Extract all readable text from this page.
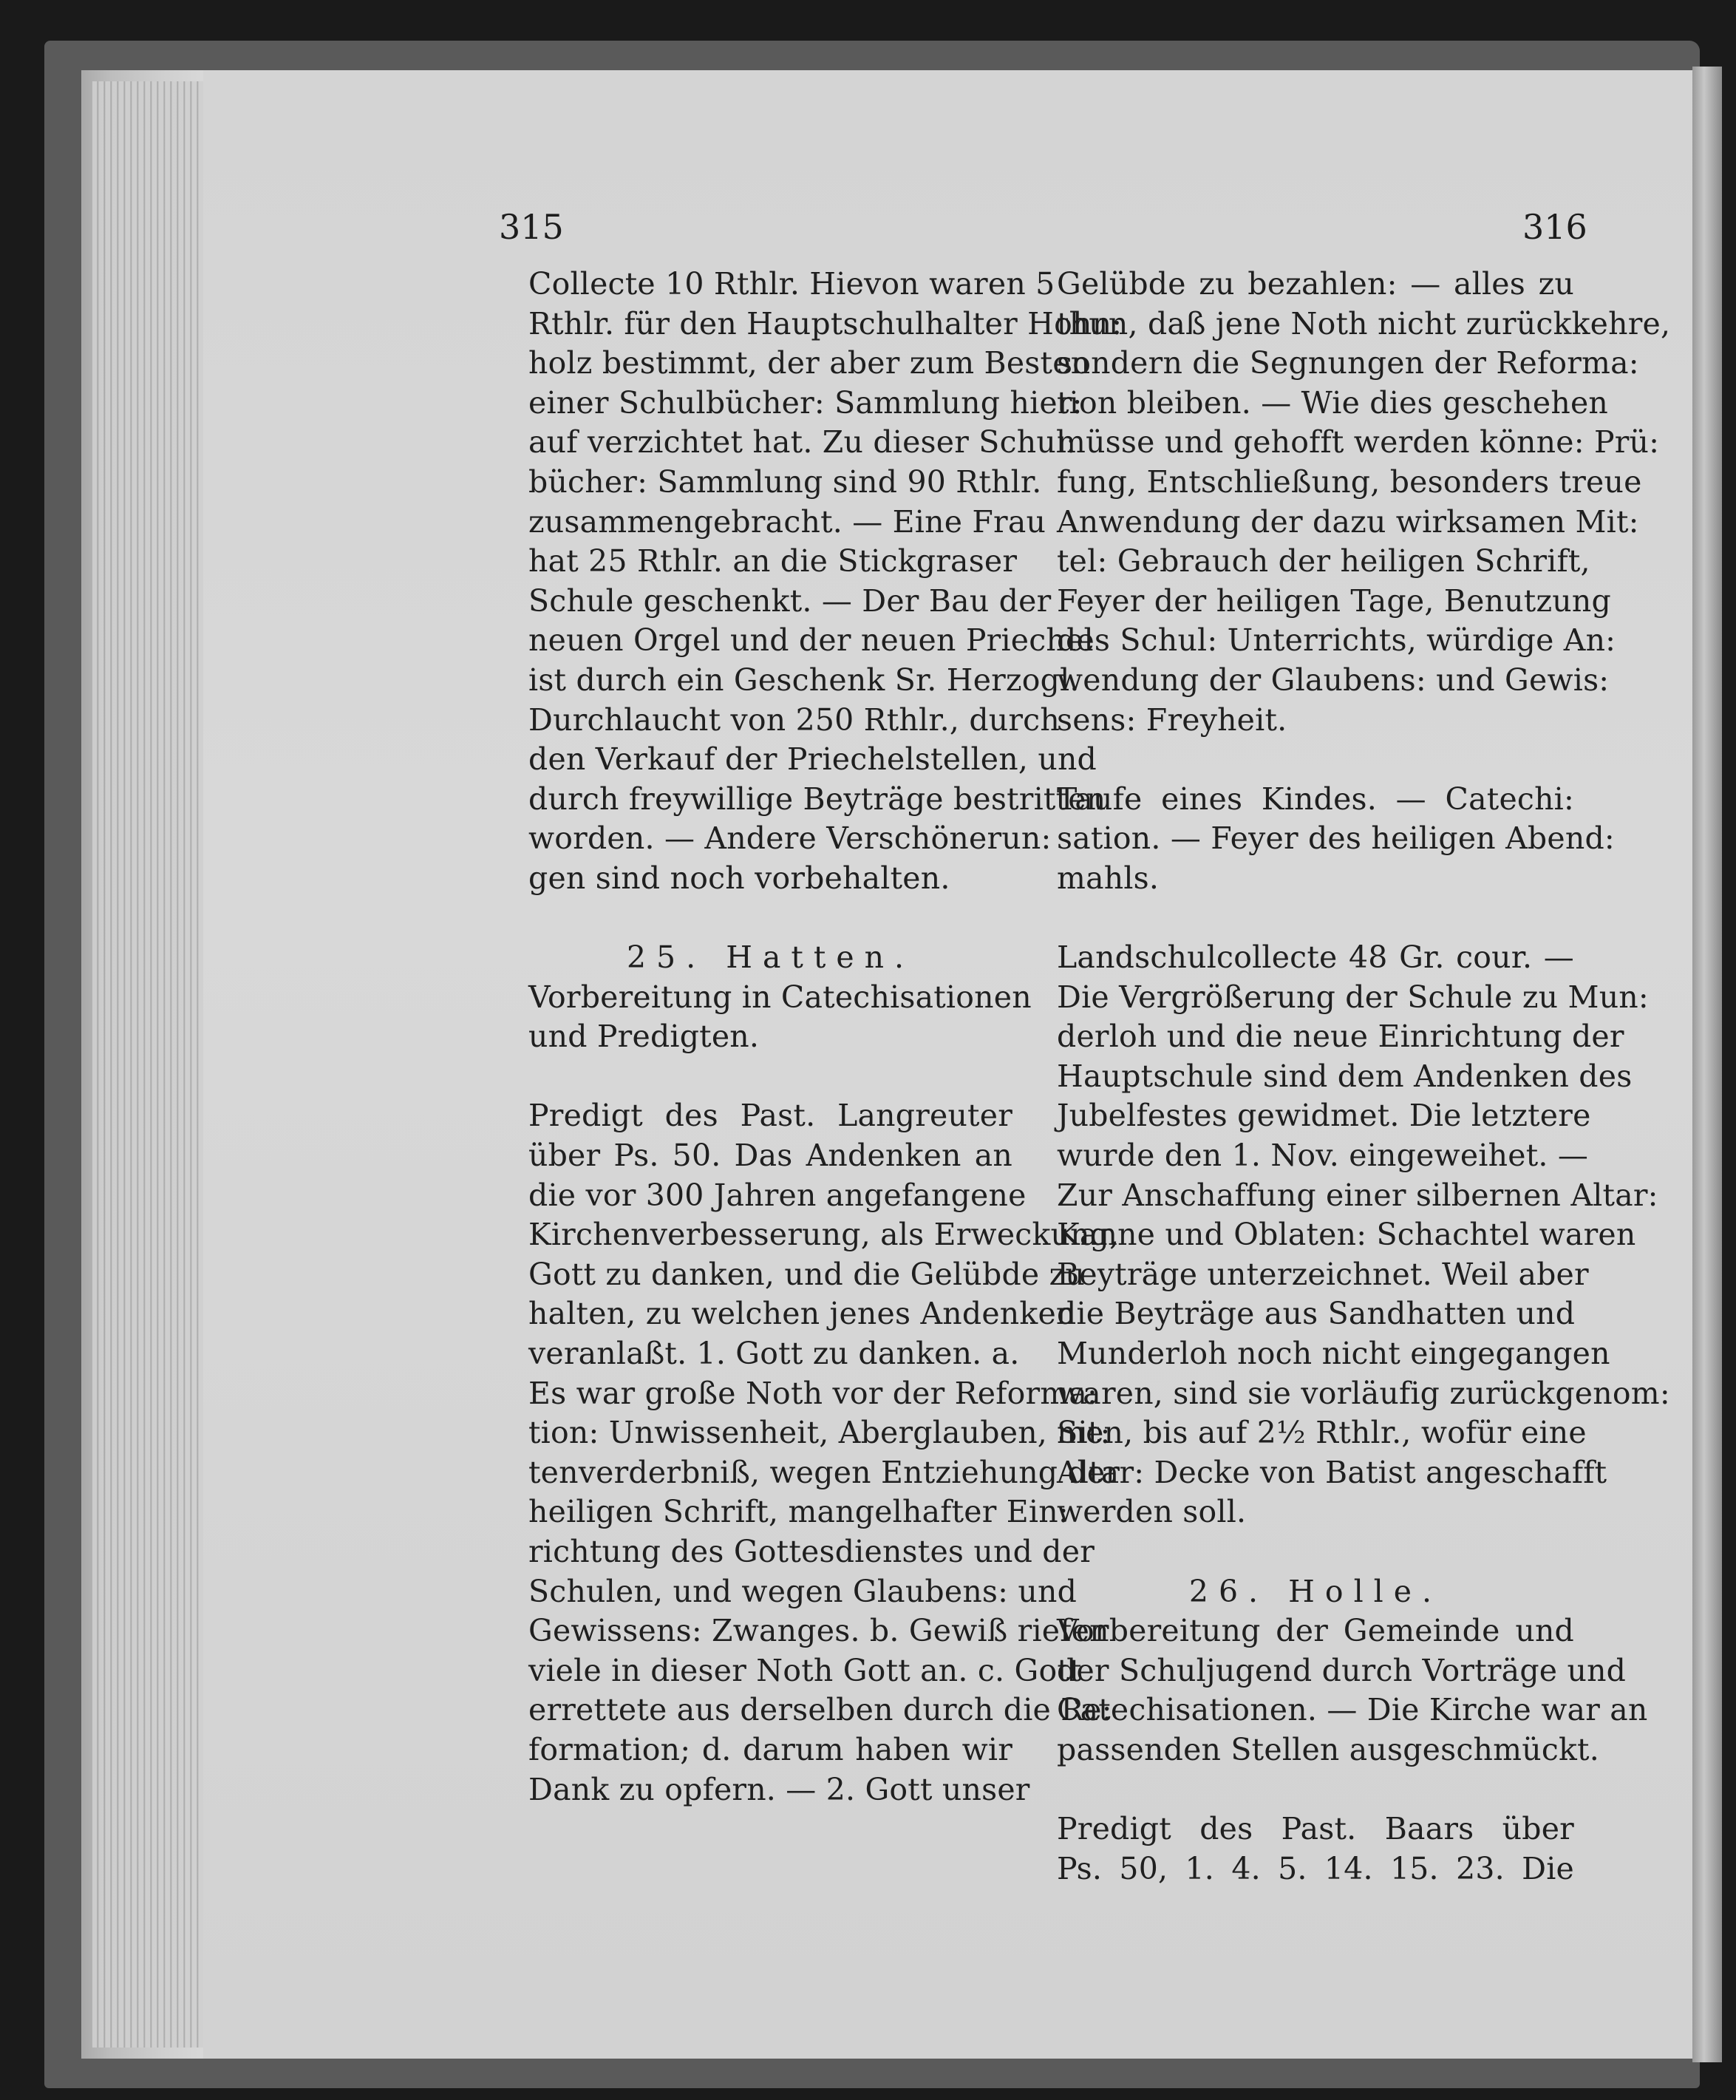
315	316
Collecte 10 Rthlr. Hievon waren 5
Rthlr. für den Hauptschulhalter Hohn:
holz bestimmt, der aber zum Besten
einer Schulbücher: Sammlung hier:
auf verzichtet hat. Zu dieser Schul:
bücher: Sammlung sind 90 Rthlr.
zusammengebracht. — Eine Frau
hat 25 Rthlr. an die Stickgraser
Schule geschenkt. — Der Bau der
neuen Orgel und der neuen Priechel
ist durch ein Geschenk Sr. Herzogl.
Durchlaucht von 250 Rthlr., durch
den Verkauf der Priechelstellen, und
durch freywillige Beyträge bestritten
worden. — Andere Verschönerun:
gen sind noch vorbehalten.
25. Hatten.
Vorbereitung in Catechisationen
und Predigten.
Predigt des Past. Langreuter
über Ps. 50. Das Andenken an
die vor 300 Jahren angefangene
Kirchenverbesserung, als Erweckung,
Gott zu danken, und die Gelübde zu
halten, zu welchen jenes Andenken
veranlaßt. 1. Gott zu danken. a.
Es war große Noth vor der Reforma:
tion: Unwissenheit, Aberglauben, Sit:
tenverderbniß, wegen Entziehung der
heiligen Schrift, mangelhafter Ein:
richtung des Gottesdienstes und der
Schulen, und wegen Glaubens: und
Gewissens: Zwanges. b. Gewiß riefen
viele in dieser Noth Gott an. c. Gott
errettete aus derselben durch die Re:
formation; d. darum haben wir
Dank zu opfern. — 2. Gott unser
Gelübde zu bezahlen: — alles zu
thun, daß jene Noth nicht zurückkehre,
sondern die Segnungen der Reforma:
tion bleiben. — Wie dies geschehen
müsse und gehofft werden könne: Prü:
fung, Entschließung, besonders treue
Anwendung der dazu wirksamen Mit:
tel: Gebrauch der heiligen Schrift,
Feyer der heiligen Tage, Benutzung
des Schul: Unterrichts, würdige An:
wendung der Glaubens: und Gewis:
sens: Freyheit.
Taufe eines Kindes. — Catechi:
sation. — Feyer des heiligen Abend:
mahls.
Landschulcollecte 48 Gr. cour. —
Die Vergrößerung der Schule zu Mun:
derloh und die neue Einrichtung der
Hauptschule sind dem Andenken des
Jubelfestes gewidmet. Die letztere
wurde den 1. Nov. eingeweihet. —
Zur Anschaffung einer silbernen Altar:
Kanne und Oblaten: Schachtel waren
Beyträge unterzeichnet. Weil aber
die Beyträge aus Sandhatten und
Munderloh noch nicht eingegangen
waren, sind sie vorläufig zurückgenom:
men, bis auf 2½ Rthlr., wofür eine
Altar: Decke von Batist angeschafft
werden soll.
26. Holle.
Vorbereitung der Gemeinde und
der Schuljugend durch Vorträge und
Catechisationen. — Die Kirche war an
passenden Stellen ausgeschmückt.
Predigt des Past. Baars über
Ps. 50, 1. 4. 5. 14. 15. 23. Die
